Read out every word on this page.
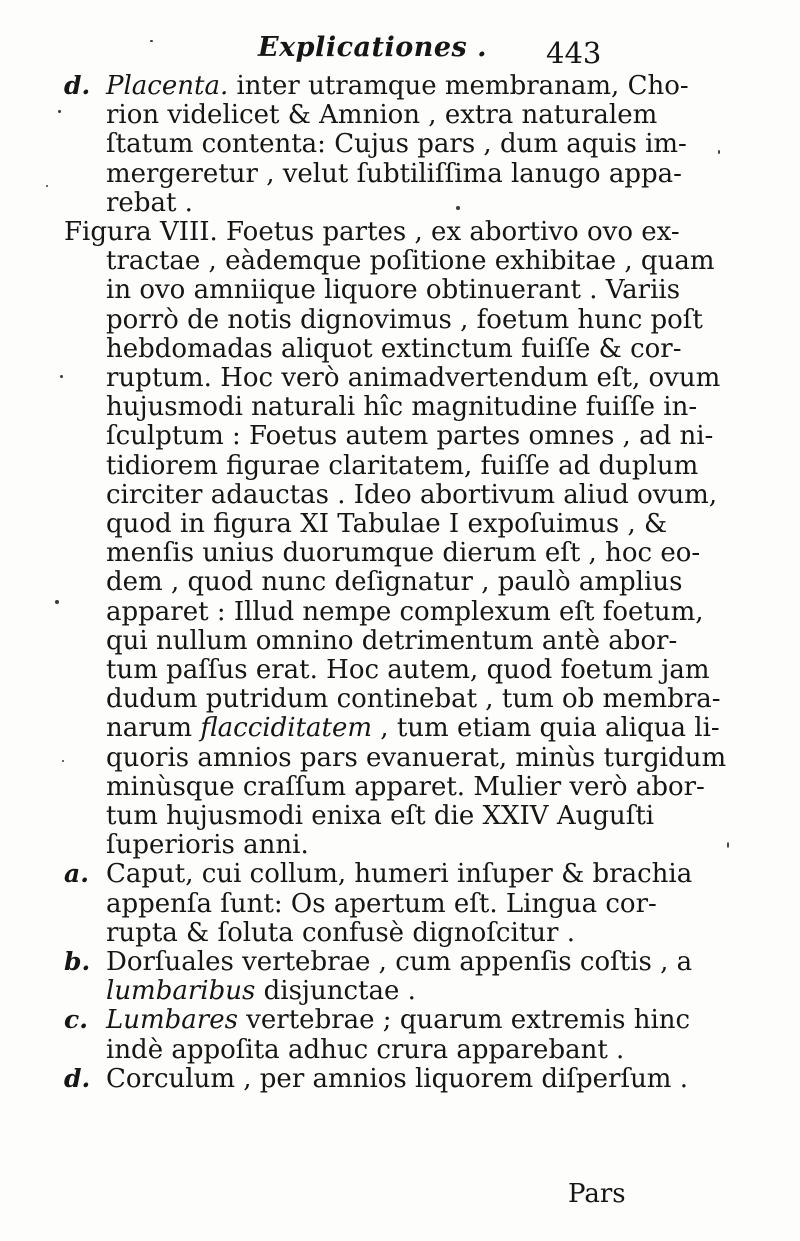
Explicationes . 443
d. Placenta. inter utramque membranam, Cho-
rion videlicet & Amnion , extra naturalem
ſtatum contenta: Cujus pars , dum aquis im-
mergeretur , velut ſubtiliſſima lanugo appa-
rebat .
Figura VIII. Foetus partes , ex abortivo ovo ex-
tractae , eàdemque poſitione exhibitae , quam
in ovo amniique liquore obtinuerant . Variis
porrò de notis dignovimus , foetum hunc poſt
hebdomadas aliquot extinctum fuiſſe & cor-
ruptum. Hoc verò animadvertendum eſt, ovum
hujusmodi naturali hîc magnitudine fuiſſe in-
ſculptum : Foetus autem partes omnes , ad ni-
tidiorem figurae claritatem, fuiſſe ad duplum
circiter adauctas . Ideo abortivum aliud ovum,
quod in figura XI Tabulae I expoſuimus , &
menſis unius duorumque dierum eſt , hoc eo-
dem , quod nunc deſignatur , paulò amplius
apparet : Illud nempe complexum eſt foetum,
qui nullum omnino detrimentum antè abor-
tum paſſus erat. Hoc autem, quod foetum jam
dudum putridum continebat , tum ob membra-
narum flacciditatem , tum etiam quia aliqua li-
quoris amnios pars evanuerat, minùs turgidum
minùsque craſſum apparet. Mulier verò abor-
tum hujusmodi enixa eſt die XXIV Auguſti
ſuperioris anni.
a. Caput, cui collum, humeri inſuper & brachia
appenſa ſunt: Os apertum eſt. Lingua cor-
rupta & ſoluta confusè dignoſcitur .
b. Dorſuales vertebrae , cum appenſis coſtis , a
lumbaribus disjunctae .
c. Lumbares vertebrae ; quarum extremis hinc
indè appoſita adhuc crura apparebant .
d. Corculum , per amnios liquorem diſperſum .
Pars
